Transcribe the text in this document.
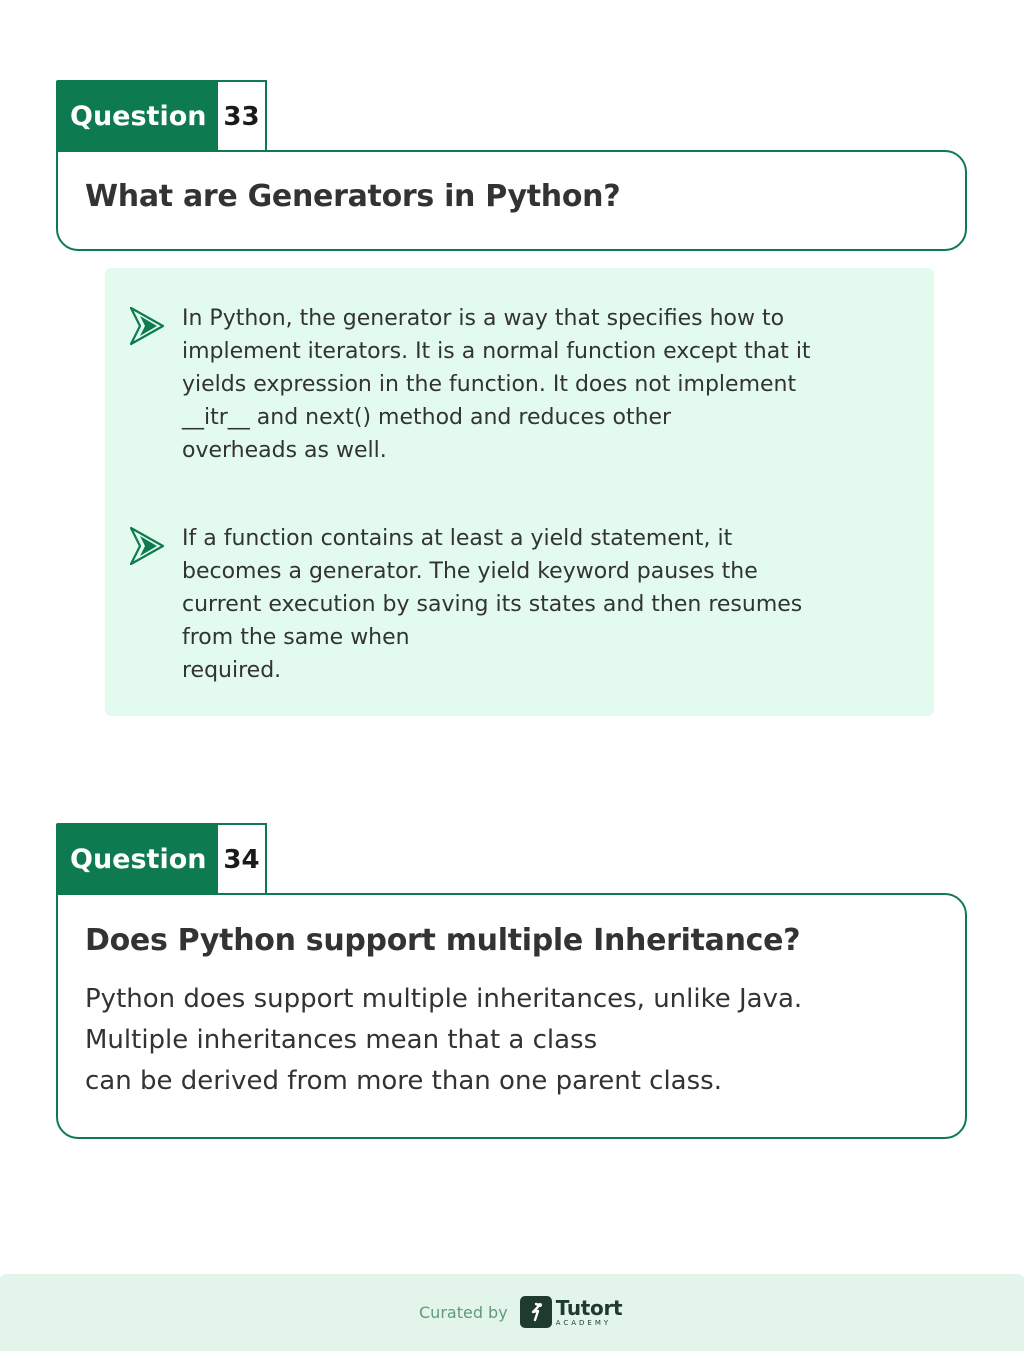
Question 33
What are Generators in Python?
In Python, the generator is a way that specifies how to
implement iterators. It is a normal function except that it
yields expression in the function. It does not implement
__itr__ and next() method and reduces other
overheads as well.
If a function contains at least a yield statement, it
becomes a generator. The yield keyword pauses the
current execution by saving its states and then resumes
from the same when
required.
Question 34
Does Python support multiple Inheritance?
Python does support multiple inheritances, unlike Java.
Multiple inheritances mean that a class
can be derived from more than one parent class.
Curated by Tutort
ACADEMY
